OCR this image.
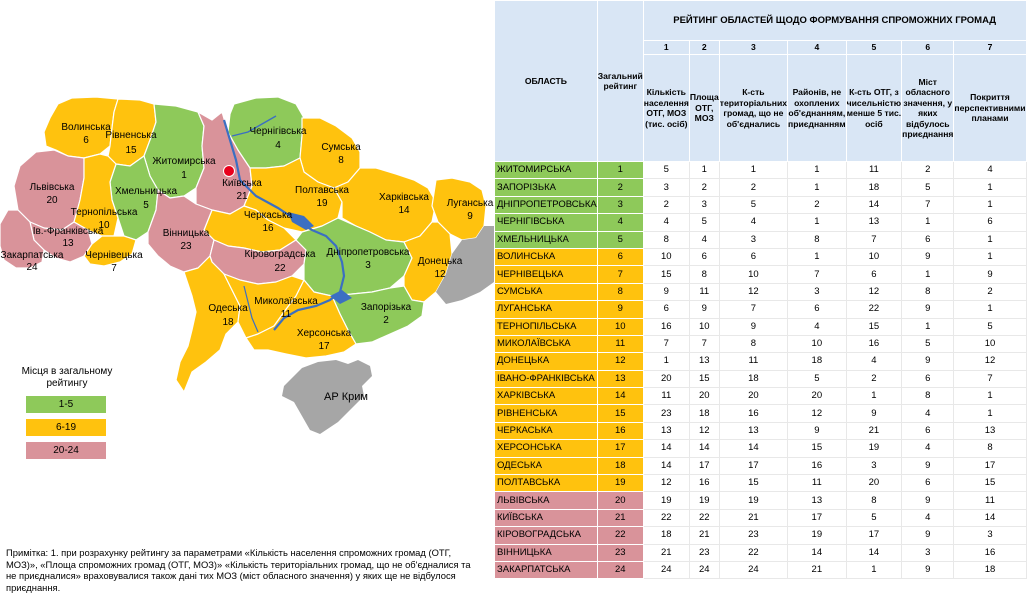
Волинська
6 Рівненська
15
Житомирська
1
Київська
21
Чернігівська
4	Сумська
8
Львівська
20
Хмельницька
5
Тернопільська
10
Полтавська
19
Харківська
14
Луганська
9
Черкаська
16
Ів.-Франківська
13
Вінницька
23
Закарпатська
24
Чернівецька
7
Кіровоградська
22
Дніпропетровська
3	Донецька
12
Одеська
18
Миколаївська
11
Запорізька
2
Херсонська
17
АР Крим
Місця в загальному рейтингу
1-5
6-19
20-24
Примітка: 1. при розрахунку рейтингу за параметрами «Кількість населення спроможних громад (ОТГ, МОЗ)», «Площа спроможних громад (ОТГ, МОЗ)» «Кількість територіальних громад, що не об'єдналися та не приєдналися» враховувалися також дані тих МОЗ (міст обласного значення) у яких ще не відбулося приєднання.
ОБЛАСТЬ	Загальний рейтинг	РЕЙТИНГ ОБЛАСТЕЙ ЩОДО ФОРМУВАННЯ СПРОМОЖНИХ ГРОМАД						
		1	2	3	4	5	6	7
		Кількість населення ОТГ, МОЗ (тис. осіб)	Площа ОТГ, МОЗ	К-сть територіальних громад, що не об'єднались	Районів, не охоплених об'єднанням, приєднанням	К-сть ОТГ, з чисельністю менше 5 тис. осіб	Міст обласного значення, у яких відбулось приєднання	Покриття перспективними планами
ЖИТОМИРСЬКА	1	5	1	1	1	11	2	4
ЗАПОРІЗЬКА	2	3	2	2	1	18	5	1
ДНІПРОПЕТРОВСЬКА	3	2	3	5	2	14	7	1
ЧЕРНІГІВСЬКА	4	4	5	4	1	13	1	6
ХМЕЛЬНИЦЬКА	5	8	4	3	8	7	6	1
ВОЛИНСЬКА	6	10	6	6	1	10	9	1
ЧЕРНІВЕЦЬКА	7	15	8	10	7	6	1	9
СУМСЬКА	8	9	11	12	3	12	8	2
ЛУГАНСЬКА	9	6	9	7	6	22	9	1
ТЕРНОПІЛЬСЬКА	10	16	10	9	4	15	1	5
МИКОЛАЇВСЬКА	11	7	7	8	10	16	5	10
ДОНЕЦЬКА	12	1	13	11	18	4	9	12
ІВАНО-ФРАНКІВСЬКА	13	20	15	18	5	2	6	7
ХАРКІВСЬКА	14	11	20	20	20	1	8	1
РІВНЕНСЬКА	15	23	18	16	12	9	4	1
ЧЕРКАСЬКА	16	13	12	13	9	21	6	13
ХЕРСОНСЬКА	17	14	14	14	15	19	4	8
ОДЕСЬКА	18	14	17	17	16	3	9	17
ПОЛТАВСЬКА	19	12	16	15	11	20	6	15
ЛЬВІВСЬКА	20	19	19	19	13	8	9	11
КИЇВСЬКА	21	22	22	21	17	5	4	14
КІРОВОГРАДСЬКА	22	18	21	23	19	17	9	3
ВІННИЦЬКА	23	21	23	22	14	14	3	16
ЗАКАРПАТСЬКА	24	24	24	24	21	1	9	18
